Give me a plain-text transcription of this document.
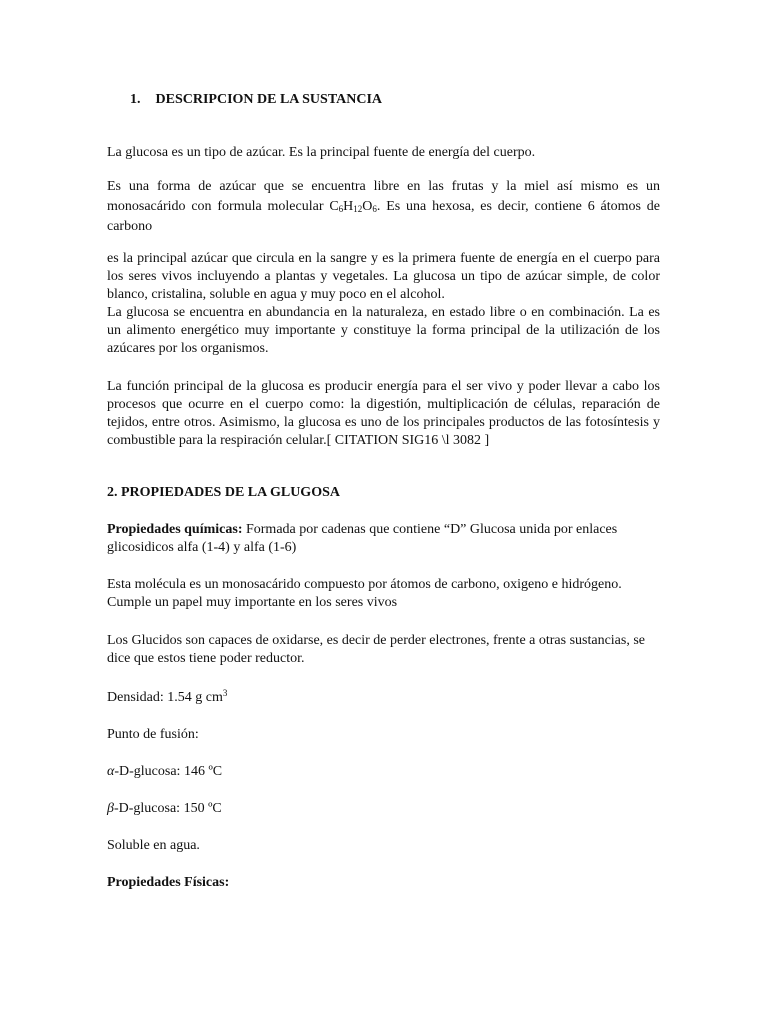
1. DESCRIPCION DE LA SUSTANCIA

La glucosa es un tipo de azúcar. Es la principal fuente de energía del cuerpo.

Es una forma de azúcar que se encuentra libre en las frutas y la miel así mismo es un monosacárido con formula molecular $C_6H_{12}O_6$. Es una hexosa, es decir, contiene 6 átomos de carbono

es la principal azúcar que circula en la sangre y es la primera fuente de energía en el cuerpo para los seres vivos incluyendo a plantas y vegetales. La glucosa un tipo de azúcar simple, de color blanco, cristalina, soluble en agua y muy poco en el alcohol.
La glucosa se encuentra en abundancia en la naturaleza, en estado libre o en combinación. La es un alimento energético muy importante y constituye la forma principal de la utilización de los azúcares por los organismos.

La función principal de la glucosa es producir energía para el ser vivo y poder llevar a cabo los procesos que ocurre en el cuerpo como: la digestión, multiplicación de células, reparación de tejidos, entre otros. Asimismo, la glucosa es uno de los principales productos de las fotosíntesis y combustible para la respiración celular.[ CITATION SIG16 \l 3082 ]

2. PROPIEDADES DE LA GLUGOSA

Propiedades químicas: Formada por cadenas que contiene “D” Glucosa unida por enlaces glicosidicos alfa (1-4) y alfa (1-6)

Esta molécula es un monosacárido compuesto por átomos de carbono, oxigeno e hidrógeno. Cumple un papel muy importante en los seres vivos

Los Glucidos son capaces de oxidarse, es decir de perder electrones, frente a otras sustancias, se dice que estos tiene poder reductor.

Densidad: 1.54 g $cm^3$

Punto de fusión:

α-D-glucosa: 146 ºC

β-D-glucosa: 150 ºC

Soluble en agua.

Propiedades Físicas:
